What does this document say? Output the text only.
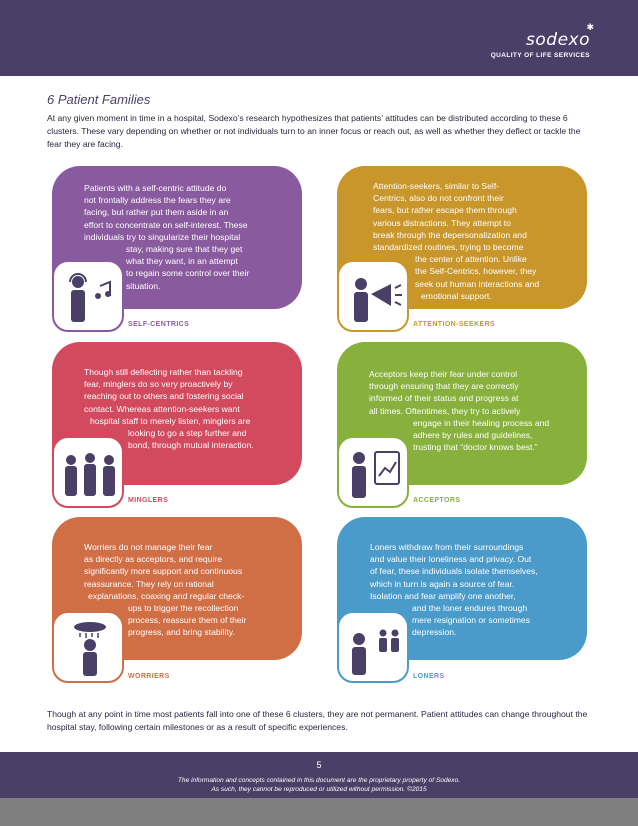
✱
sodexo
QUALITY OF LIFE SERVICES
6 Patient Families
At any given moment in time in a hospital, Sodexo’s research hypothesizes that patients’ attitudes can be distributed according to these 6 clusters. These vary depending on whether or not individuals turn to an inner focus or reach out, as well as whether they deflect or tackle the fear they are facing.
Patients with a self-centric attitude do
not frontally address the fears they are
facing, but rather put them aside in an
effort to concentrate on self-interest. These
individuals try to singularize their hospital
stay, making sure that they get
what they want, in an attempt
to regain some control over their
situation.
SELF-CENTRICS
Attention-seekers, similar to Self-
Centrics, also do not confront their
fears, but rather escape them through
various distractions. They attempt to
break through the depersonalization and
standardized routines, trying to become
the center of attention. Unlike
the Self-Centrics, however, they
seek out human interactions and
emotional support.
ATTENTION-SEEKERS
Though still deflecting rather than tackling
fear, minglers do so very proactively by
reaching out to others and fostering social
contact. Whereas attention-seekers want
hospital staff to merely listen, minglers are
looking to go a step further and
bond, through mutual interaction.
MINGLERS
Acceptors keep their fear under control
through ensuring that they are correctly
informed of their status and progress at
all times. Oftentimes, they try to actively
engage in their healing process and
adhere by rules and guidelines,
trusting that “doctor knows best.”
ACCEPTORS
Worriers do not manage their fear
as directly as acceptors, and require
significantly more support and continuous
reassurance. They rely on rational
explanations, coaxing and regular check-
ups to trigger the recollection
process, reassure them of their
progress, and bring stability.
WORRIERS
Loners withdraw from their surroundings
and value their loneliness and privacy. Out
of fear, these individuals isolate themselves,
which in turn is again a source of fear.
Isolation and fear amplify one another,
and the loner endures through
mere resignation or sometimes
depression.
LONERS
Though at any point in time most patients fall into one of these 6 clusters, they are not permanent. Patient attitudes can change throughout the hospital stay, following certain milestones or as a result of specific experiences.
5
The information and concepts contained in this document are the proprietary property of Sodexo.
As such, they cannot be reproduced or utilized without permission. ©2015
